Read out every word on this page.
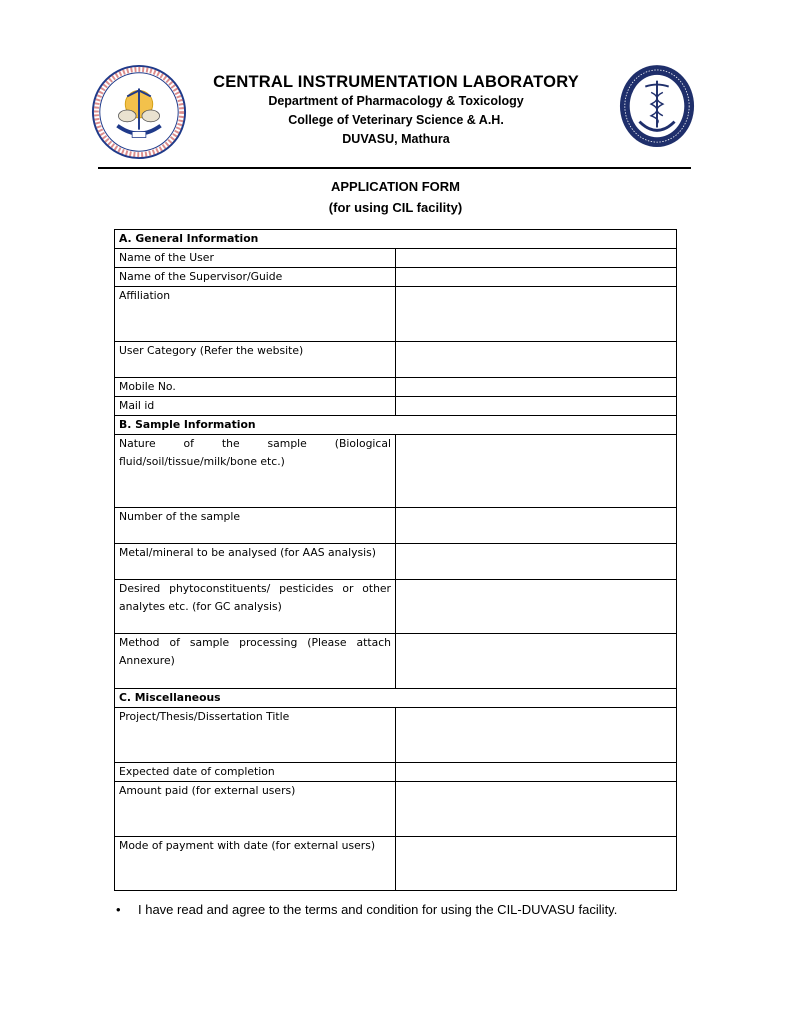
CENTRAL INSTRUMENTATION LABORATORY
Department of Pharmacology & Toxicology
College of Veterinary Science & A.H.
DUVASU, Mathura
APPLICATION FORM
(for using CIL facility)
A. General Information	
Name of the User	
Name of the Supervisor/Guide	
Affiliation	
User Category (Refer the website)	
Mobile No.	
Mail id	
B. Sample Information	
Nature of the sample (Biological fluid/soil/tissue/milk/bone etc.)	
Number of the sample	
Metal/mineral to be analysed (for AAS analysis)	
Desired phytoconstituents/ pesticides or other analytes etc. (for GC analysis)	
Method of sample processing (Please attach Annexure)	
C. Miscellaneous	
Project/Thesis/Dissertation Title	
Expected date of completion	
Amount paid (for external users)	
Mode of payment with date (for external users)	
• I have read and agree to the terms and condition for using the CIL-DUVASU facility.
